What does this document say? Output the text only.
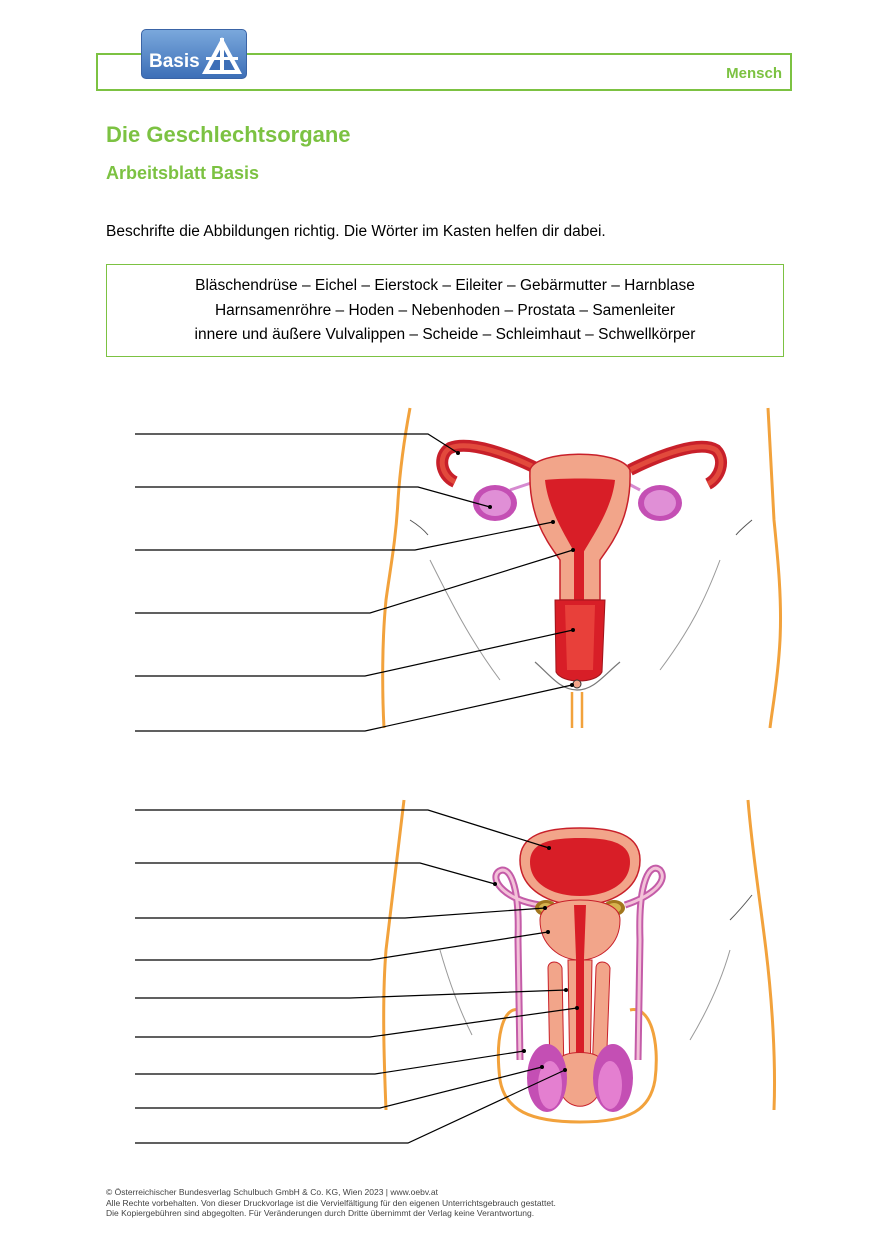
Mensch
Basis
Die Geschlechtsorgane
Arbeitsblatt Basis
Beschrifte die Abbildungen richtig. Die Wörter im Kasten helfen dir dabei.
Bläschendrüse – Eichel – Eierstock – Eileiter – Gebärmutter – Harnblase
Harnsamenröhre – Hoden – Nebenhoden – Prostata – Samenleiter
innere und äußere Vulvalippen – Scheide – Schleimhaut – Schwellkörper
© Österreichischer Bundesverlag Schulbuch GmbH & Co. KG, Wien 2023 | www.oebv.at
Alle Rechte vorbehalten. Von dieser Druckvorlage ist die Vervielfältigung für den eigenen Unterrichtsgebrauch gestattet.
Die Kopiergebühren sind abgegolten. Für Veränderungen durch Dritte übernimmt der Verlag keine Verantwortung.
